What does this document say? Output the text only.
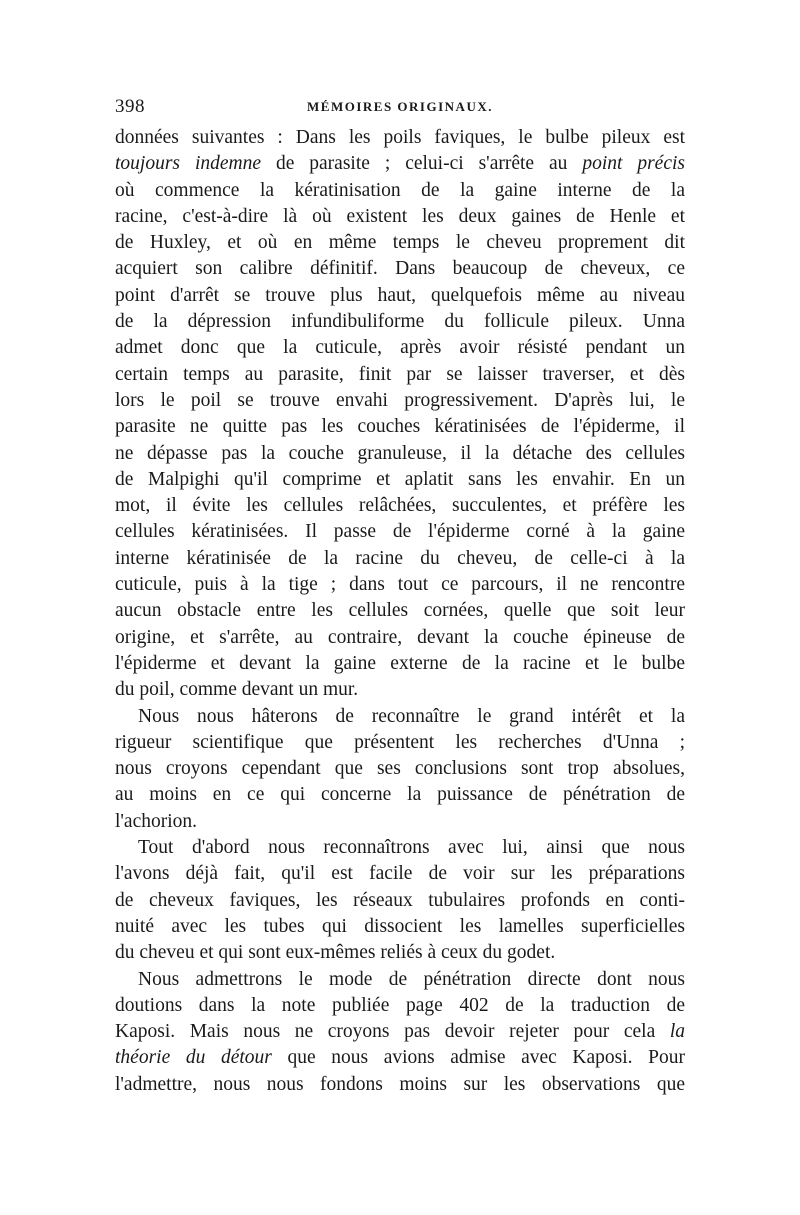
398	MÉMOIRES ORIGINAUX.
données suivantes : Dans les poils faviques, le bulbe pileux est
toujours indemne de parasite ; celui-ci s'arrête au point précis
où commence la kératinisation de la gaine interne de la
racine, c'est-à-dire là où existent les deux gaines de Henle et
de Huxley, et où en même temps le cheveu proprement dit
acquiert son calibre définitif. Dans beaucoup de cheveux, ce
point d'arrêt se trouve plus haut, quelquefois même au niveau
de la dépression infundibuliforme du follicule pileux. Unna
admet donc que la cuticule, après avoir résisté pendant un
certain temps au parasite, finit par se laisser traverser, et dès
lors le poil se trouve envahi progressivement. D'après lui, le
parasite ne quitte pas les couches kératinisées de l'épiderme, il
ne dépasse pas la couche granuleuse, il la détache des cellules
de Malpighi qu'il comprime et aplatit sans les envahir. En un
mot, il évite les cellules relâchées, succulentes, et préfère les
cellules kératinisées. Il passe de l'épiderme corné à la gaine
interne kératinisée de la racine du cheveu, de celle-ci à la
cuticule, puis à la tige ; dans tout ce parcours, il ne rencontre
aucun obstacle entre les cellules cornées, quelle que soit leur
origine, et s'arrête, au contraire, devant la couche épineuse de
l'épiderme et devant la gaine externe de la racine et le bulbe
du poil, comme devant un mur.
Nous nous hâterons de reconnaître le grand intérêt et la
rigueur scientifique que présentent les recherches d'Unna ;
nous croyons cependant que ses conclusions sont trop absolues,
au moins en ce qui concerne la puissance de pénétration de
l'achorion.
Tout d'abord nous reconnaîtrons avec lui, ainsi que nous
l'avons déjà fait, qu'il est facile de voir sur les préparations
de cheveux faviques, les réseaux tubulaires profonds en conti-
nuité avec les tubes qui dissocient les lamelles superficielles
du cheveu et qui sont eux-mêmes reliés à ceux du godet.
Nous admettrons le mode de pénétration directe dont nous
doutions dans la note publiée page 402 de la traduction de
Kaposi. Mais nous ne croyons pas devoir rejeter pour cela la
théorie du détour que nous avions admise avec Kaposi. Pour
l'admettre, nous nous fondons moins sur les observations que
